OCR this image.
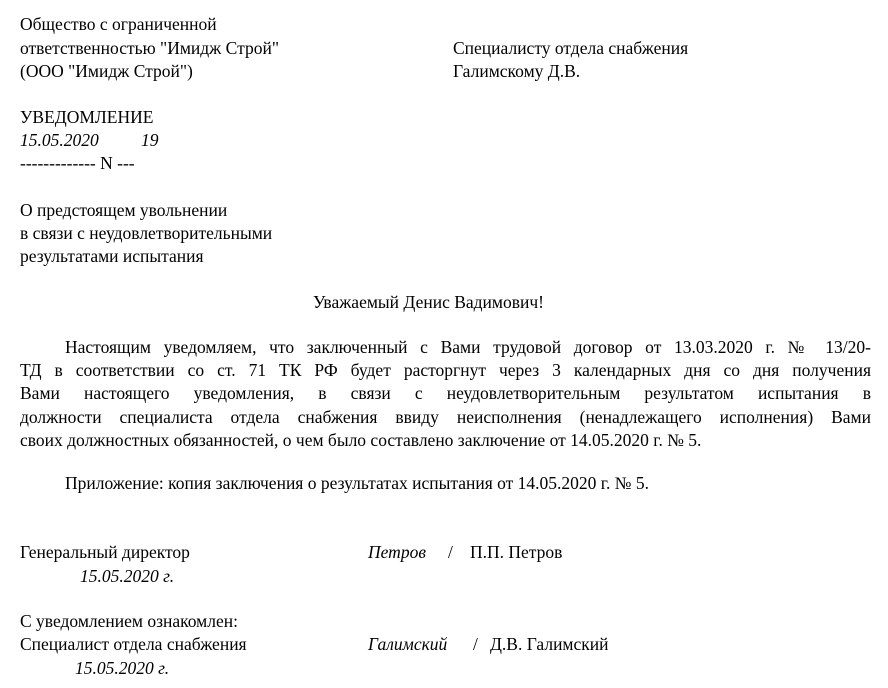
Общество с ограниченной
ответственностью "Имидж Строй"
(ООО "Имидж Строй")
Специалисту отдела снабжения
Галимскому Д.В.
УВЕДОМЛЕНИЕ
15.05.2020 19
------------- N ---
О предстоящем увольнении
в связи с неудовлетворительными
результатами испытания
Уважаемый Денис Вадимович!
Настоящим уведомляем, что заключенный с Вами трудовой договор от 13.03.2020 г. № 13/20-
ТД в соответствии со ст. 71 ТК РФ будет расторгнут через 3 календарных дня со дня получения
Вами настоящего уведомления, в связи с неудовлетворительным результатом испытания в
должности специалиста отдела снабжения ввиду неисполнения (ненадлежащего исполнения) Вами
своих должностных обязанностей, о чем было составлено заключение от 14.05.2020 г. № 5.
Приложение: копия заключения о результатах испытания от 14.05.2020 г. № 5.
Генеральный директор	Петров / П.П. Петров
15.05.2020 г.
С уведомлением ознакомлен:
Специалист отдела снабжения	Галимский / Д.В. Галимский
15.05.2020 г.
